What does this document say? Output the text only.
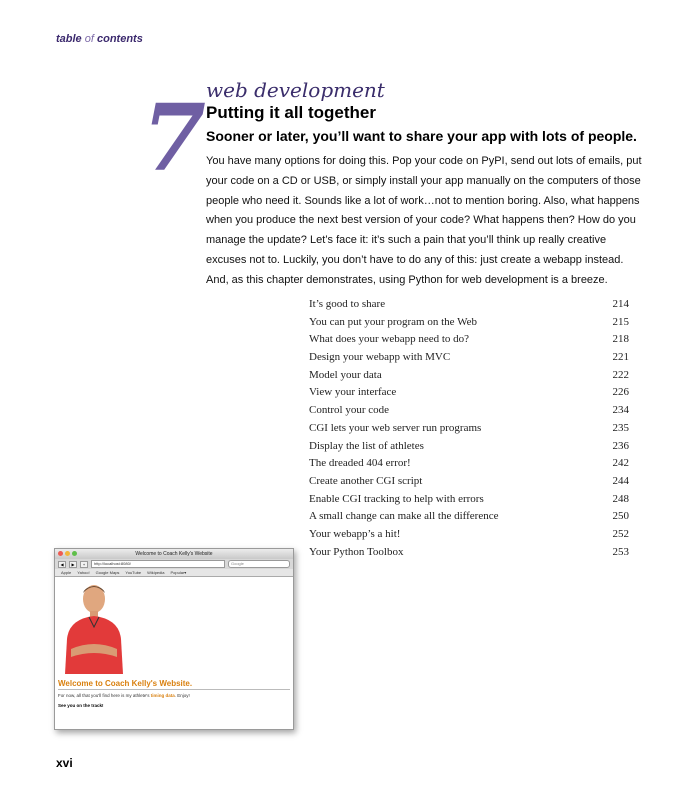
table of contents
7 web development
Putting it all together
Sooner or later, you’ll want to share your app with lots of people.
You have many options for doing this. Pop your code on PyPI, send out lots of emails, put your code on a CD or USB, or simply install your app manually on the computers of those people who need it. Sounds like a lot of work…not to mention boring. Also, what happens when you produce the next best version of your code? What happens then? How do you manage the update? Let’s face it: it’s such a pain that you’ll think up really creative excuses not to. Luckily, you don’t have to do any of this: just create a webapp instead. And, as this chapter demonstrates, using Python for web development is a breeze.
It’s good to share	214
You can put your program on the Web	215
What does your webapp need to do?	218
Design your webapp with MVC	221
Model your data	222
View your interface	226
Control your code	234
CGI lets your web server run programs	235
Display the list of athletes	236
The dreaded 404 error!	242
Create another CGI script	244
Enable CGI tracking to help with errors	248
A small change can make all the difference	250
Your webapp’s a hit!	252
Your Python Toolbox	253
Welcome to Coach Kelly's Website
◀	▶	+	http://localhost:8080/	Google
Apple Yahoo! Google Maps YouTube Wikipedia Popular▾
Welcome to Coach Kelly's Website.
For now, all that you'll find here is my athlete's timing data. Enjoy!
See you on the track!
xvi
